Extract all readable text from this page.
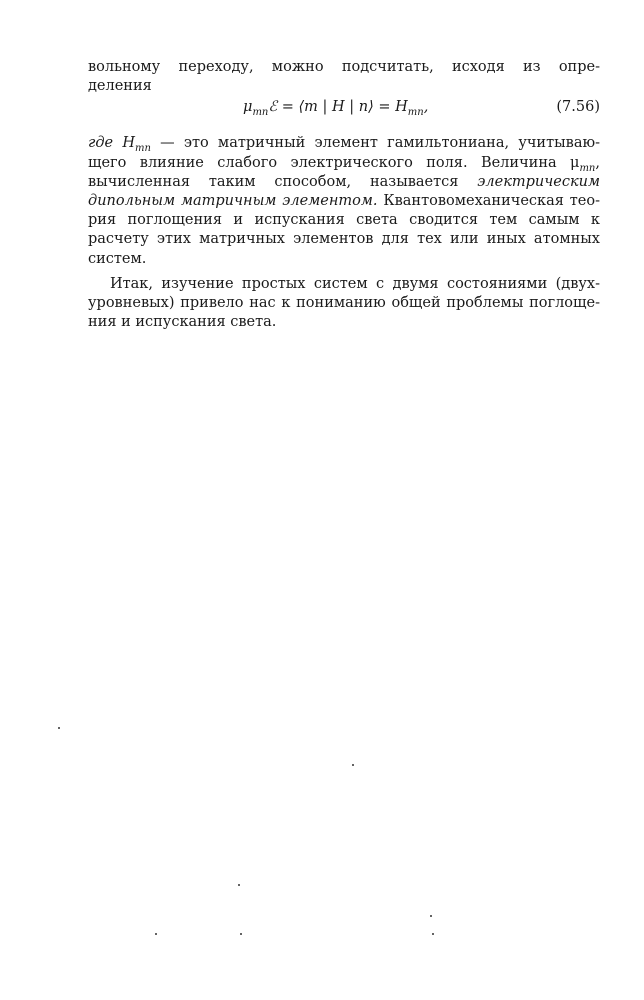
вольному переходу, можно подсчитать, исходя из опре-
деления
$\mu_{mn}ℰ$ = ⟨m | H | n⟩ = $H_{mn}$,	(7.56)
где $H_{mn}$ — это матричный элемент гамильтониана, учитываю-
щего влияние слабого электрического поля. Величина $\mu_{mn}$,
вычисленная таким способом, называется электрическим
дипольным матричным элементом. Квантовомеханическая тео-
рия поглощения и испускания света сводится тем самым к
расчету этих матричных элементов для тех или иных атомных
систем.
Итак, изучение простых систем с двумя состояниями (двух-
уровневых) привело нас к пониманию общей проблемы поглоще-
ния и испускания света.
